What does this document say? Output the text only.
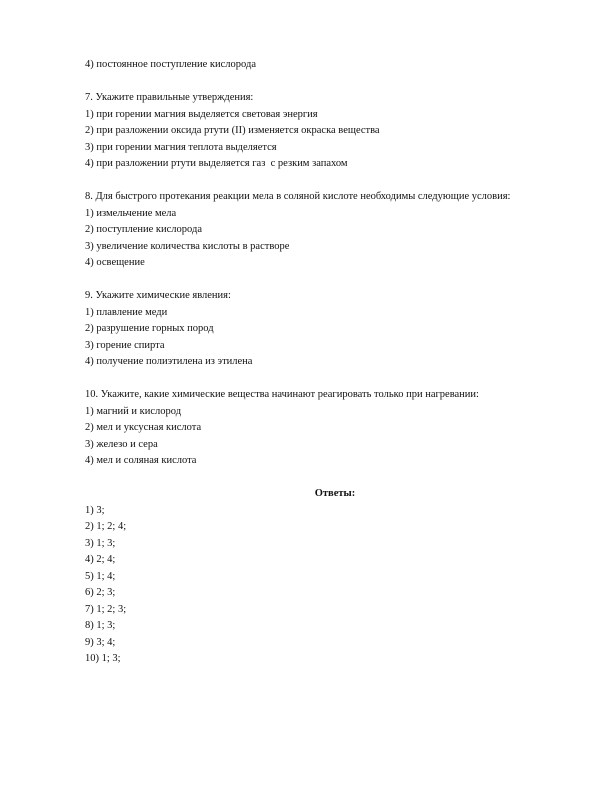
4) постоянное поступление кислорода
7. Укажите правильные утверждения:
1) при горении магния выделяется световая энергия
2) при разложении оксида ртути (II) изменяется окраска вещества
3) при горении магния теплота выделяется
4) при разложении ртути выделяется газ  с резким запахом
8. Для быстрого протекания реакции мела в соляной кислоте необходимы следующие условия:
1) измельчение мела
2) поступление кислорода
3) увеличение количества кислоты в растворе
4) освещение
9. Укажите химические явления:
1) плавление меди
2) разрушение горных пород
3) горение спирта
4) получение полиэтилена из этилена
10. Укажите, какие химические вещества начинают реагировать только при нагревании:
1) магний и кислород
2) мел и уксусная кислота
3) железо и сера
4) мел и соляная кислота
Ответы:
1) 3;
2) 1; 2; 4;
3) 1; 3;
4) 2; 4;
5) 1; 4;
6) 2; 3;
7) 1; 2; 3;
8) 1; 3;
9) 3; 4;
10) 1; 3;
